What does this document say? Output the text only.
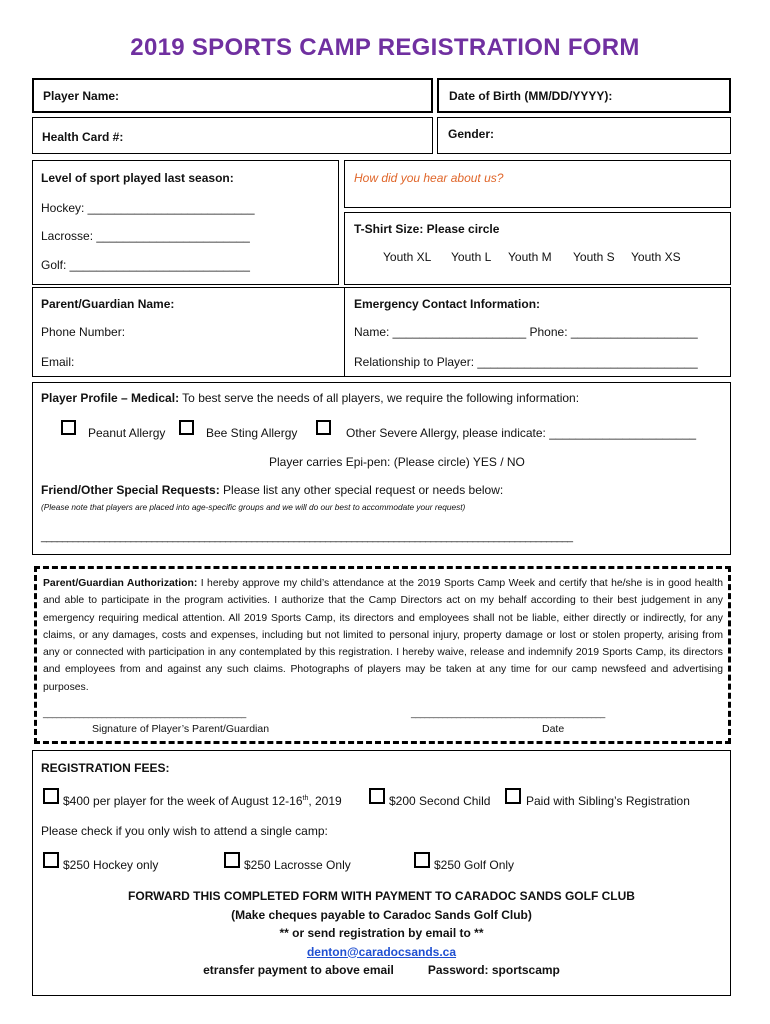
2019 SPORTS CAMP REGISTRATION FORM
Player Name:	Date of Birth (MM/DD/YYYY):
Health Card #:	Gender:
Level of sport played last season:
Hockey: _________________________
Lacrosse: _______________________
Golf: ___________________________
How did you hear about us?
T-Shirt Size: Please circle
Youth XL Youth L Youth M Youth S Youth XS
Parent/Guardian Name:
Phone Number:
Email:
Emergency Contact Information:
Name: ____________________ Phone: ___________________
Relationship to Player: _________________________________
Player Profile – Medical: To best serve the needs of all players, we require the following information:
Peanut Allergy	Bee Sting Allergy	Other Severe Allergy, please indicate: ______________________
Player carries Epi-pen: (Please circle) YES / NO
Friend/Other Special Requests: Please list any other special request or needs below:
(Please note that players are placed into age-specific groups and we will do our best to accommodate your request)
_____________________________________________________________________________________________________
Parent/Guardian Authorization: I hereby approve my child’s attendance at the 2019 Sports Camp Week and certify that he/she is in good health and able to participate in the program activities. I authorize that the Camp Directors act on my behalf according to their best judgement in any emergency requiring medical attention. All 2019 Sports Camp, its directors and employees shall not be liable, either directly or indirectly, for any claims, or any damages, costs and expenses, including but not limited to personal injury, property damage or lost or stolen property, arising from any or connected with participation in any contemplated by this registration. I hereby waive, release and indemnify 2019 Sports Camp, its directors and employees from and against any such claims. Photographs of players may be taken at any time for our camp newsfeed and advertising purposes.
_____________________________________________	___________________________________________
Signature of Player’s Parent/Guardian	Date
REGISTRATION FEES:
$400 per player for the week of August 12-16th, 2019	$200 Second Child	Paid with Sibling’s Registration
Please check if you only wish to attend a single camp:
$250 Hockey only	$250 Lacrosse Only	$250 Golf Only
FORWARD THIS COMPLETED FORM WITH PAYMENT TO CARADOC SANDS GOLF CLUB
(Make cheques payable to Caradoc Sands Golf Club)
** or send registration by email to **
denton@caradocsands.ca
etransfer payment to above email	Password: sportscamp
